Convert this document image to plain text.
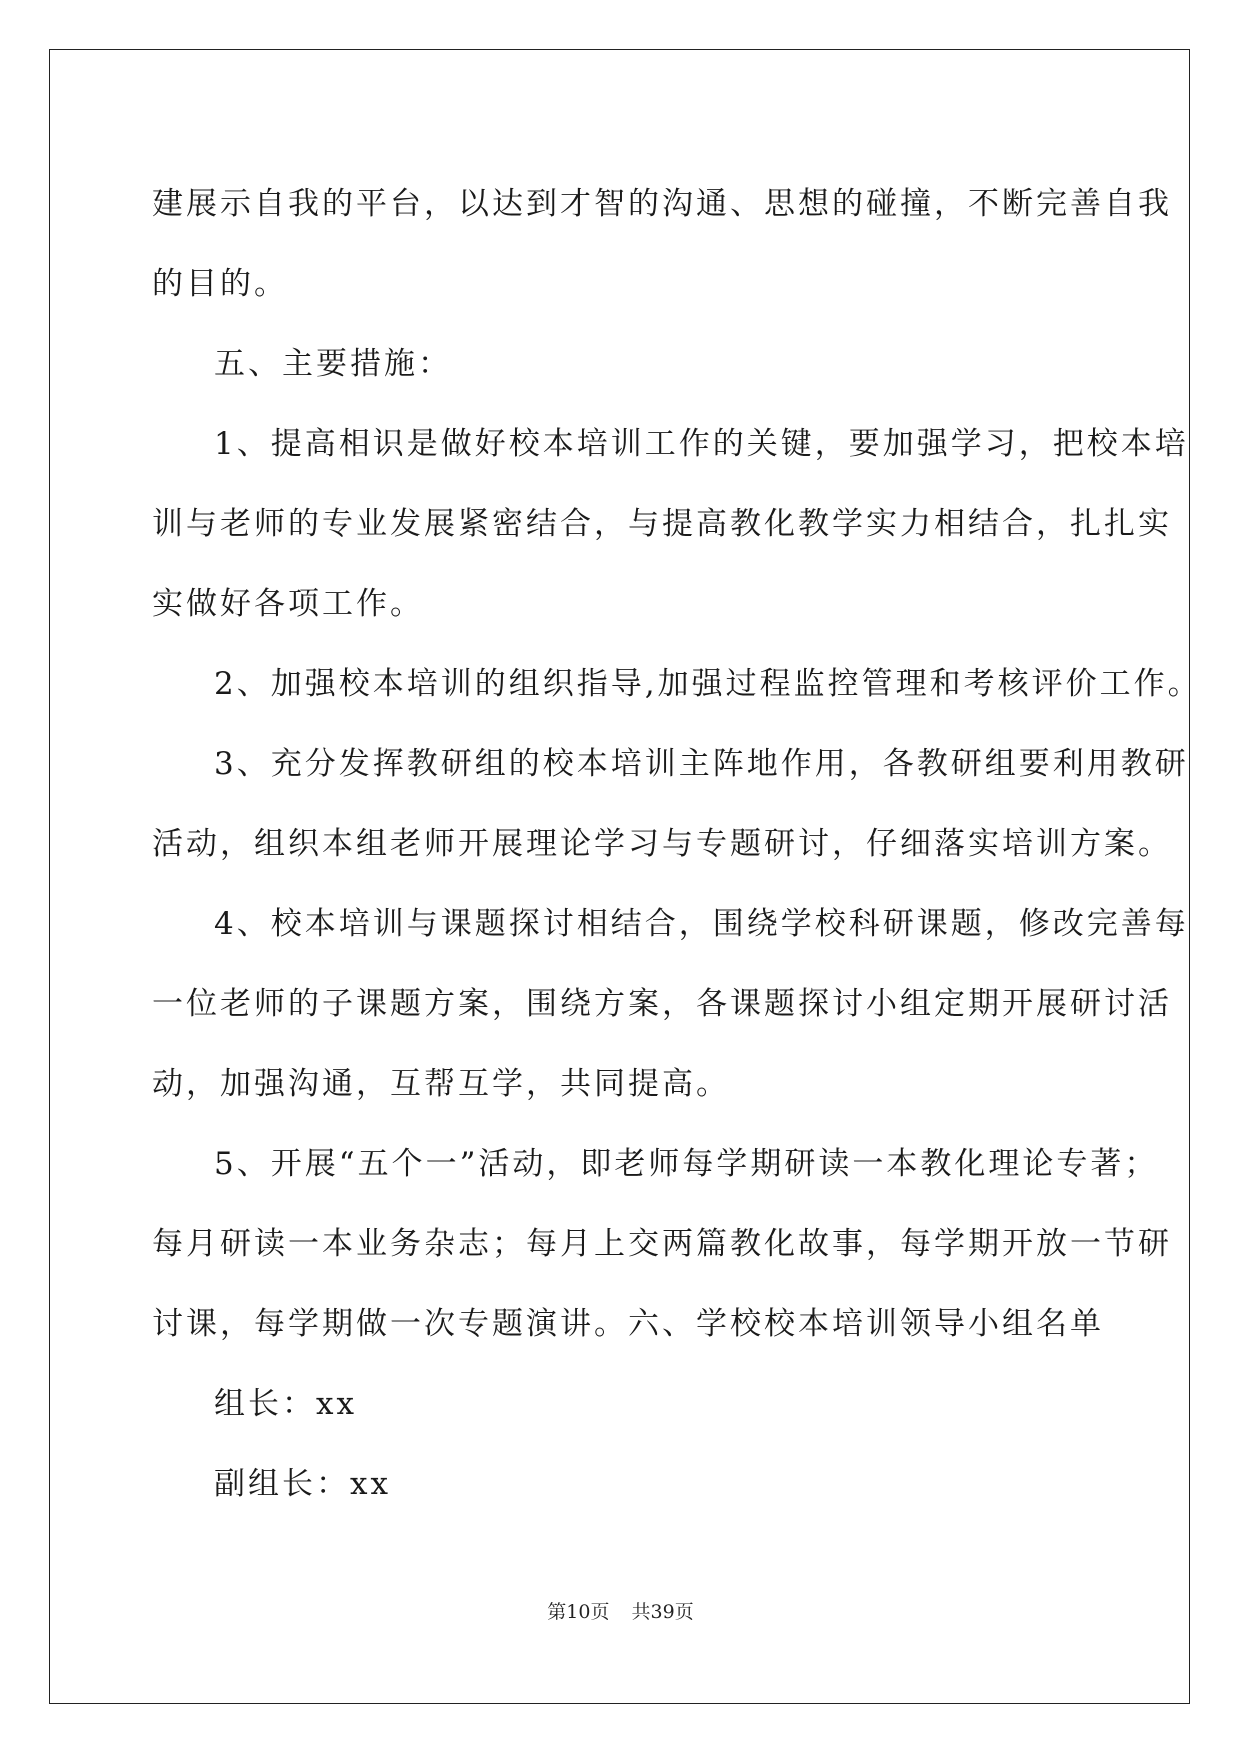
建展示自我的平台，以达到才智的沟通、思想的碰撞，不断完善自我
的目的。
五、主要措施：
1、提高相识是做好校本培训工作的关键，要加强学习，把校本培
训与老师的专业发展紧密结合，与提高教化教学实力相结合，扎扎实
实做好各项工作。
2、加强校本培训的组织指导,加强过程监控管理和考核评价工作。
3、充分发挥教研组的校本培训主阵地作用，各教研组要利用教研
活动，组织本组老师开展理论学习与专题研讨，仔细落实培训方案。
4、校本培训与课题探讨相结合，围绕学校科研课题，修改完善每
一位老师的子课题方案，围绕方案，各课题探讨小组定期开展研讨活
动，加强沟通，互帮互学，共同提高。
5、开展“五个一”活动，即老师每学期研读一本教化理论专著；
每月研读一本业务杂志；每月上交两篇教化故事，每学期开放一节研
讨课，每学期做一次专题演讲。六、学校校本培训领导小组名单
组长：xx
副组长：xx
第10页 共39页
